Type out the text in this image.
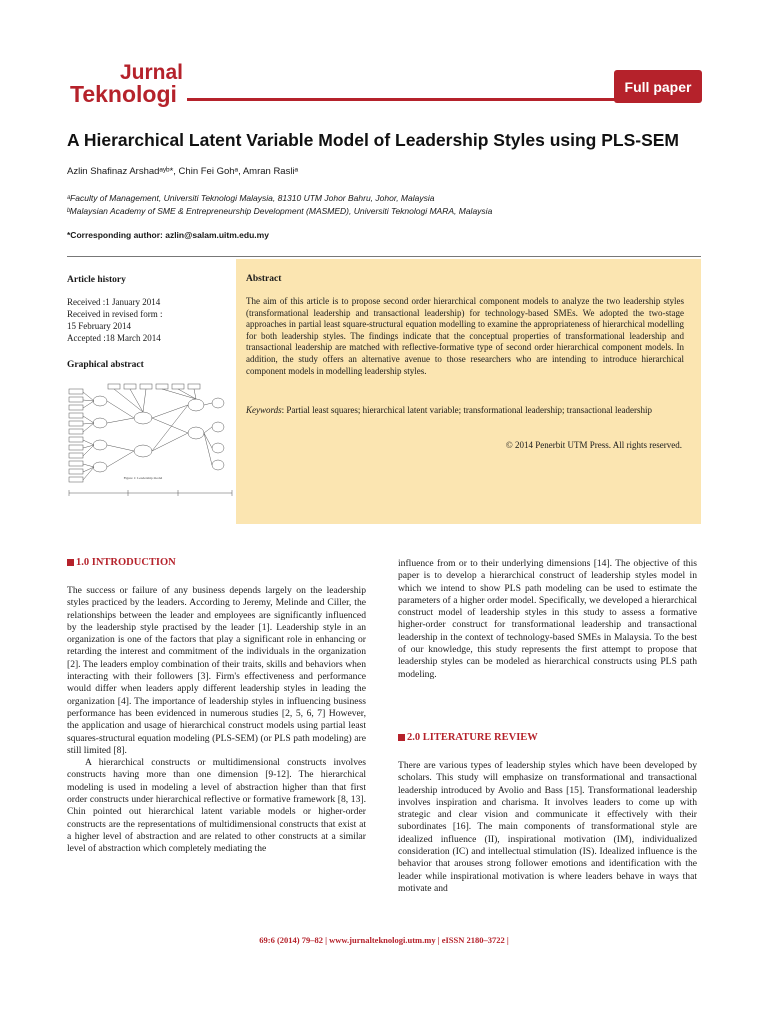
Jurnal
Teknologi	Full paper
A Hierarchical Latent Variable Model of Leadership Styles using PLS-SEM
Azlin Shafinaz Arshadᵃʸᵇ*, Chin Fei Gohᵃ, Amran Rasliᵃ
ᵃFaculty of Management, Universiti Teknologi Malaysia, 81310 UTM Johor Bahru, Johor, Malaysia
ᵇMalaysian Academy of SME & Entrepreneurship Development (MASMED), Universiti Teknologi MARA, Malaysia
*Corresponding author: azlin@salam.uitm.edu.my
Article history
Received :1 January 2014
Received in revised form :
15 February 2014
Accepted :18 March 2014
Graphical abstract
Figure 1: Leadership model
Abstract
The aim of this article is to propose second order hierarchical component models to analyze the two leadership styles (transformational leadership and transactional leadership) for technology-based SMEs. We adopted the two-stage approaches in partial least square-structural equation modelling to examine the appropriateness of hierarchical modelling for both leadership styles. The findings indicate that the conceptual properties of transformational leadership and transactional leadership are matched with reflective-formative type of second order hierarchical component models. In addition, the study offers an alternative avenue to those researchers who are intending to introduce hierarchical component models in modelling leadership styles.
Keywords: Partial least squares; hierarchical latent variable; transformational leadership; transactional leadership
© 2014 Penerbit UTM Press. All rights reserved.
1.0 INTRODUCTION

The success or failure of any business depends largely on the leadership styles practiced by the leaders. According to Jeremy, Melinde and Ciller, the relationships between the leader and employees are significantly influenced by the leadership style practised by the leader [1]. Leadership style in an organization is one of the factors that play a significant role in enhancing or retarding the interest and commitment of the individuals in the organization [2]. The leaders employ combination of their traits, skills and behaviors when interacting with their followers [3]. Firm's effectiveness and performance would differ when leaders apply different leadership styles in leading the organization [4]. The importance of leadership styles in influencing business performance has been evidenced in numerous studies [2, 5, 6, 7] However, the application and usage of hierarchical construct models using partial least squares-structural equation modeling (PLS-SEM) (or PLS path modeling) are still limited [8].

A hierarchical constructs or multidimensional constructs involves constructs having more than one dimension [9-12]. The hierarchical modeling is used in modeling a level of abstraction higher than that first order constructs under hierarchical reflective or formative framework [8, 13]. Chin pointed out hierarchical latent variable models or higher-order constructs are the representations of multidimensional constructs that exist at a higher level of abstraction and are related to other constructs at a similar level of abstraction which completely mediating the

influence from or to their underlying dimensions [14]. The objective of this paper is to develop a hierarchical construct of leadership styles model in which we intend to show PLS path modeling can be used to estimate the parameters of a higher order model. Specifically, we developed a hierarchical construct model of leadership styles in this study to assess a formative higher-order construct for transformational leadership and transactional leadership in the context of technology-based SMEs in Malaysia. To the best of our knowledge, this study represents the first attempt to propose that leadership styles can be modeled as hierarchical constructs using PLS path modeling.

2.0 LITERATURE REVIEW

There are various types of leadership styles which have been developed by scholars. This study will emphasize on transformational and transactional leadership introduced by Avolio and Bass [15]. Transformational leadership involves inspiration and charisma. It involves leaders to come up with strategic and clear vision and communicate it effectively with their subordinates [16]. The main components of transformational style are idealized influence (II), inspirational motivation (IM), individualized consideration (IC) and intellectual stimulation (IS). Idealized influence is the behavior that arouses strong follower emotions and identification with the leader while inspirational motivation is where leaders behave in ways that motivate and

69:6 (2014) 79–82 | www.jurnalteknologi.utm.my | eISSN 2180–3722 |
